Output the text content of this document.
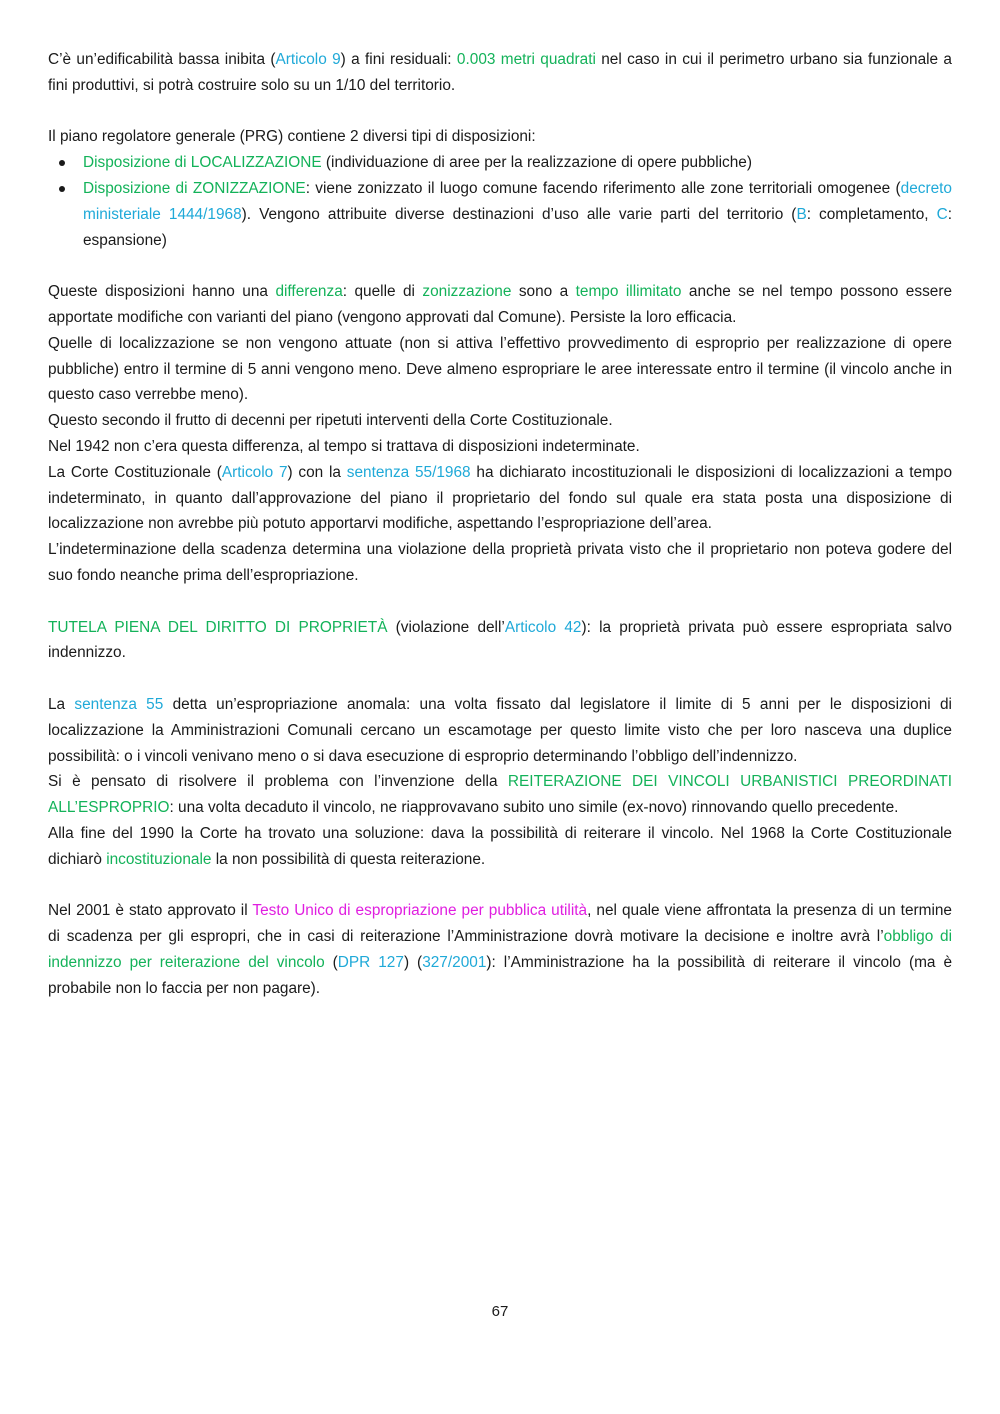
C’è un’edificabilità bassa inibita (Articolo 9) a fini residuali: 0.003 metri quadrati nel caso in cui il perimetro urbano sia funzionale a fini produttivi, si potrà costruire solo su un 1/10 del territorio.

Il piano regolatore generale (PRG) contiene 2 diversi tipi di disposizioni:

Disposizione di LOCALIZZAZIONE (individuazione di aree per la realizzazione di opere pubbliche)
Disposizione di ZONIZZAZIONE: viene zonizzato il luogo comune facendo riferimento alle zone territoriali omogenee (decreto ministeriale 1444/1968). Vengono attribuite diverse destinazioni d’uso alle varie parti del territorio (B: completamento, C: espansione)

Queste disposizioni hanno una differenza: quelle di zonizzazione sono a tempo illimitato anche se nel tempo possono essere apportate modifiche con varianti del piano (vengono approvati dal Comune). Persiste la loro efficacia.

Quelle di localizzazione se non vengono attuate (non si attiva l’effettivo provvedimento di esproprio per realizzazione di opere pubbliche) entro il termine di 5 anni vengono meno. Deve almeno espropriare le aree interessate entro il termine (il vincolo anche in questo caso verrebbe meno).

Questo secondo il frutto di decenni per ripetuti interventi della Corte Costituzionale.

Nel 1942 non c’era questa differenza, al tempo si trattava di disposizioni indeterminate.

La Corte Costituzionale (Articolo 7) con la sentenza 55/1968 ha dichiarato incostituzionali le disposizioni di localizzazioni a tempo indeterminato, in quanto dall’approvazione del piano il proprietario del fondo sul quale era stata posta una disposizione di localizzazione non avrebbe più potuto apportarvi modifiche, aspettando l’espropriazione dell’area.

L’indeterminazione della scadenza determina una violazione della proprietà privata visto che il proprietario non poteva godere del suo fondo neanche prima dell’espropriazione.

TUTELA PIENA DEL DIRITTO DI PROPRIETÀ (violazione dell’Articolo 42): la proprietà privata può essere espropriata salvo indennizzo.

La sentenza 55 detta un’espropriazione anomala: una volta fissato dal legislatore il limite di 5 anni per le disposizioni di localizzazione la Amministrazioni Comunali cercano un escamotage per questo limite visto che per loro nasceva una duplice possibilità: o i vincoli venivano meno o si dava esecuzione di esproprio determinando l’obbligo dell’indennizzo.

Si è pensato di risolvere il problema con l’invenzione della REITERAZIONE DEI VINCOLI URBANISTICI PREORDINATI ALL’ESPROPRIO: una volta decaduto il vincolo, ne riapprovavano subito uno simile (ex-novo) rinnovando quello precedente.

Alla fine del 1990 la Corte ha trovato una soluzione: dava la possibilità di reiterare il vincolo. Nel 1968 la Corte Costituzionale dichiarò incostituzionale la non possibilità di questa reiterazione.

Nel 2001 è stato approvato il Testo Unico di espropriazione per pubblica utilità, nel quale viene affrontata la presenza di un termine di scadenza per gli espropri, che in casi di reiterazione l’Amministrazione dovrà motivare la decisione e inoltre avrà l’obbligo di indennizzo per reiterazione del vincolo (DPR 127) (327/2001): l’Amministrazione ha la possibilità di reiterare il vincolo (ma è probabile non lo faccia per non pagare).

67
